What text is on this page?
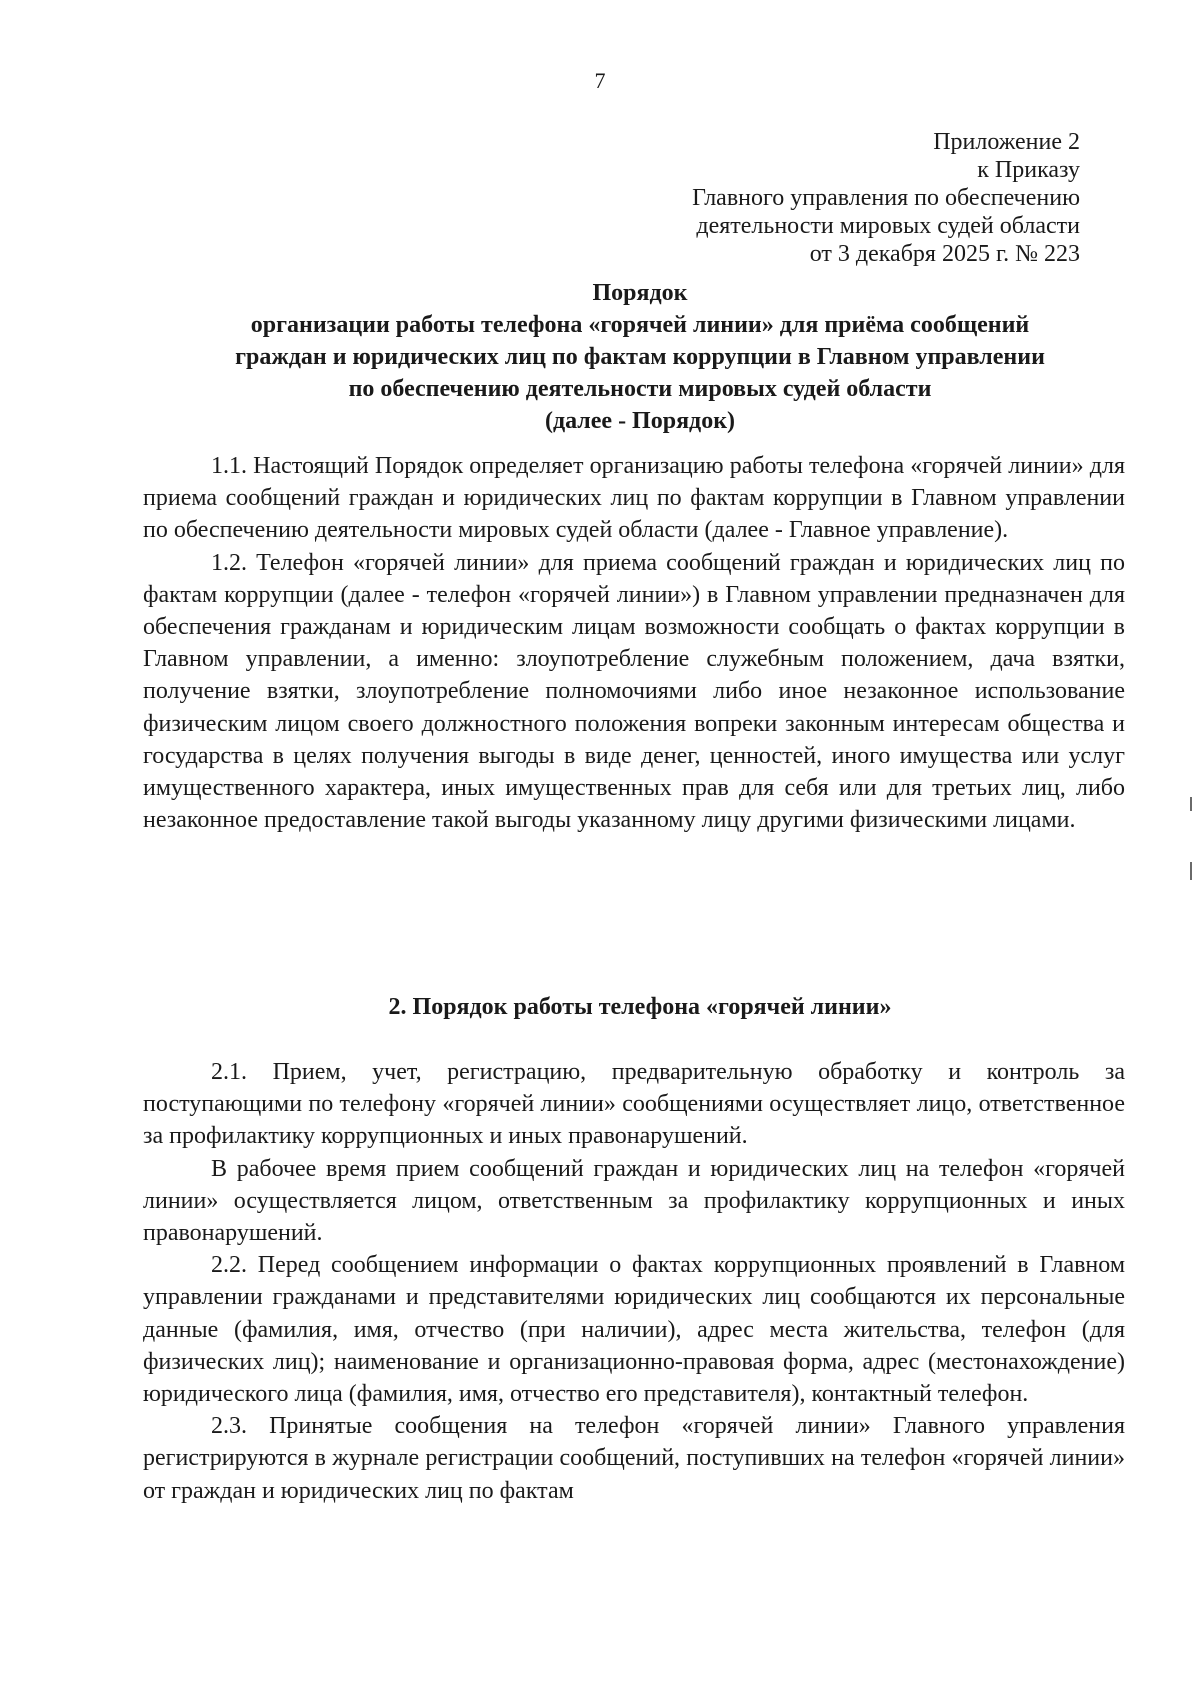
7
Приложение 2
к Приказу
Главного управления по обеспечению
деятельности мировых судей области
от 3 декабря 2025 г. № 223
Порядок
организации работы телефона «горячей линии» для приёма сообщений
граждан и юридических лиц по фактам коррупции в Главном управлении
по обеспечению деятельности мировых судей области
(далее - Порядок)

1.1. Настоящий Порядок определяет организацию работы телефона «горячей линии» для приема сообщений граждан и юридических лиц по фактам коррупции в Главном управлении по обеспечению деятельности мировых судей области (далее - Главное управление).

1.2. Телефон «горячей линии» для приема сообщений граждан и юридических лиц по фактам коррупции (далее - телефон «горячей линии») в Главном управлении предназначен для обеспечения гражданам и юридическим лицам возможности сообщать о фактах коррупции в Главном управлении, а именно: злоупотребление служебным положением, дача взятки, получение взятки, злоупотребление полномочиями либо иное незаконное использование физическим лицом своего должностного положения вопреки законным интересам общества и государства в целях получения выгоды в виде денег, ценностей, иного имущества или услуг имущественного характера, иных имущественных прав для себя или для третьих лиц, либо незаконное предоставление такой выгоды указанному лицу другими физическими лицами.

2. Порядок работы телефона «горячей линии»

2.1. Прием, учет, регистрацию, предварительную обработку и контроль за поступающими по телефону «горячей линии» сообщениями осуществляет лицо, ответственное за профилактику коррупционных и иных правонарушений.

В рабочее время прием сообщений граждан и юридических лиц на телефон «горячей линии» осуществляется лицом, ответственным за профилактику коррупционных и иных правонарушений.

2.2. Перед сообщением информации о фактах коррупционных проявлений в Главном управлении гражданами и представителями юридических лиц сообщаются их персональные данные (фамилия, имя, отчество (при наличии), адрес места жительства, телефон (для физических лиц); наименование и организационно-правовая форма, адрес (местонахождение) юридического лица (фамилия, имя, отчество его представителя), контактный телефон.

2.3. Принятые сообщения на телефон «горячей линии» Главного управления регистрируются в журнале регистрации сообщений, поступивших на телефон «горячей линии» от граждан и юридических лиц по фактам
